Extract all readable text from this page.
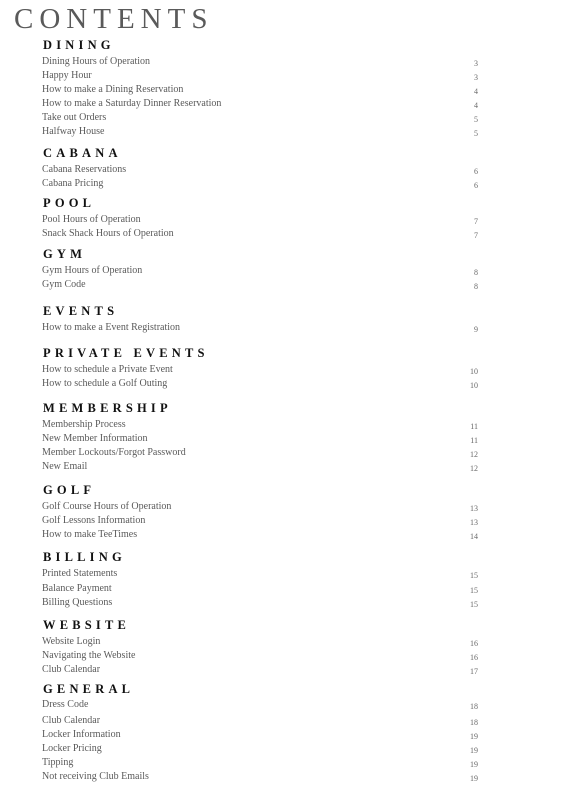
CONTENTS
DINING
Dining Hours of Operation	3
Happy Hour	3
How to make a Dining Reservation	4
How to make a Saturday Dinner Reservation	4
Take out Orders	5
Halfway House	5
CABANA
Cabana Reservations	6
Cabana Pricing	6
POOL
Pool Hours of Operation	7
Snack Shack Hours of Operation	7
GYM
Gym Hours of Operation	8
Gym Code	8
EVENTS
How to make a Event Registration	9
PRIVATE EVENTS
How to schedule a Private Event	10
How to schedule a Golf Outing	10
MEMBERSHIP
Membership Process	11
New Member Information	11
Member Lockouts/Forgot Password	12
New Email	12
GOLF
Golf Course Hours of Operation	13
Golf Lessons Information	13
How to make TeeTimes	14
BILLING
Printed Statements	15
Balance Payment	15
Billing Questions	15
WEBSITE
Website Login	16
Navigating the Website	16
Club Calendar	17
GENERAL
Dress Code	18
Club Calendar	18
Locker Information	19
Locker Pricing	19
Tipping	19
Not receiving Club Emails	19
